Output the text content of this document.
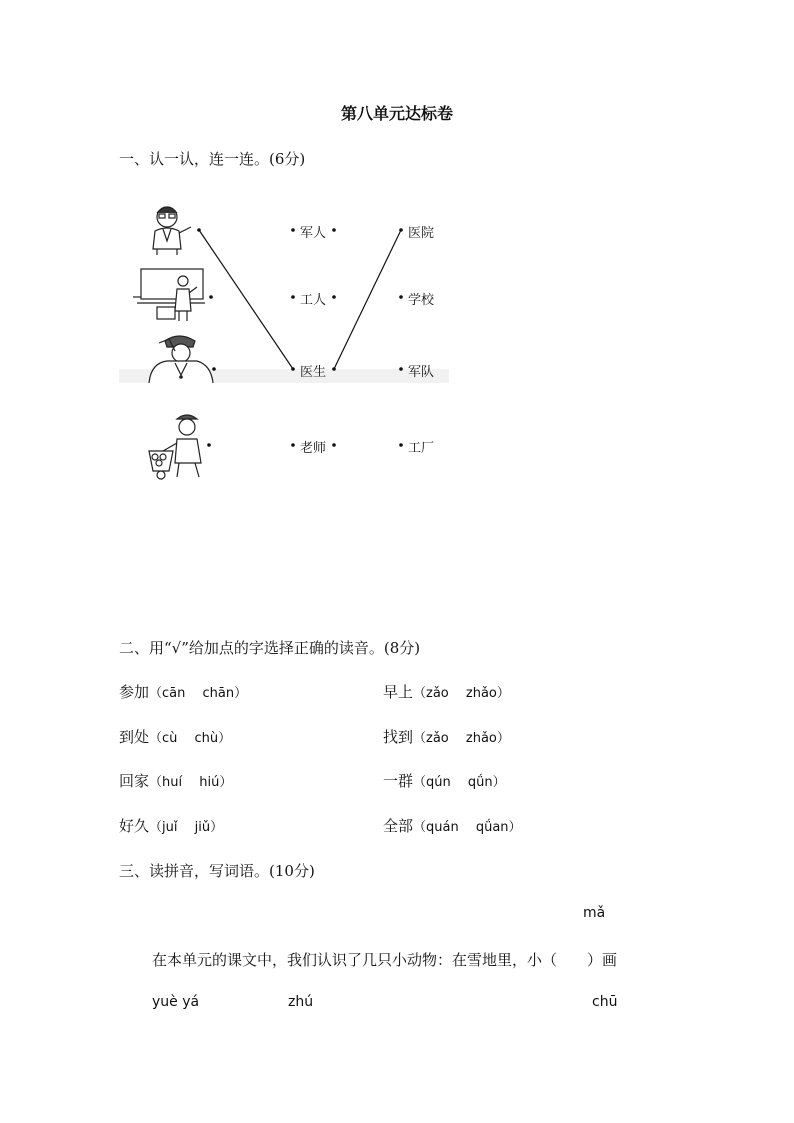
第八单元达标卷
一、认一认，连一连。(6分)
军人
工人
医生
老师
医院
学校
军队
工厂
二、用“√”给加点的字选择正确的读音。(8分)
参加（cān　 chān）	早上（zǎo　 zhǎo）
到处（cù　 chù）	找到（zǎo　 zhǎo）
回家（huí　 hiú）	一群（qún　 qǘn）
好久（juǐ　 jiǔ）	全部（quán　 qǘan）
三、读拼音，写词语。(10分)
mǎ
在本单元的课文中，我们认识了几只小动物：在雪地里，小（　　）画
yuè yá	zhú	chū
